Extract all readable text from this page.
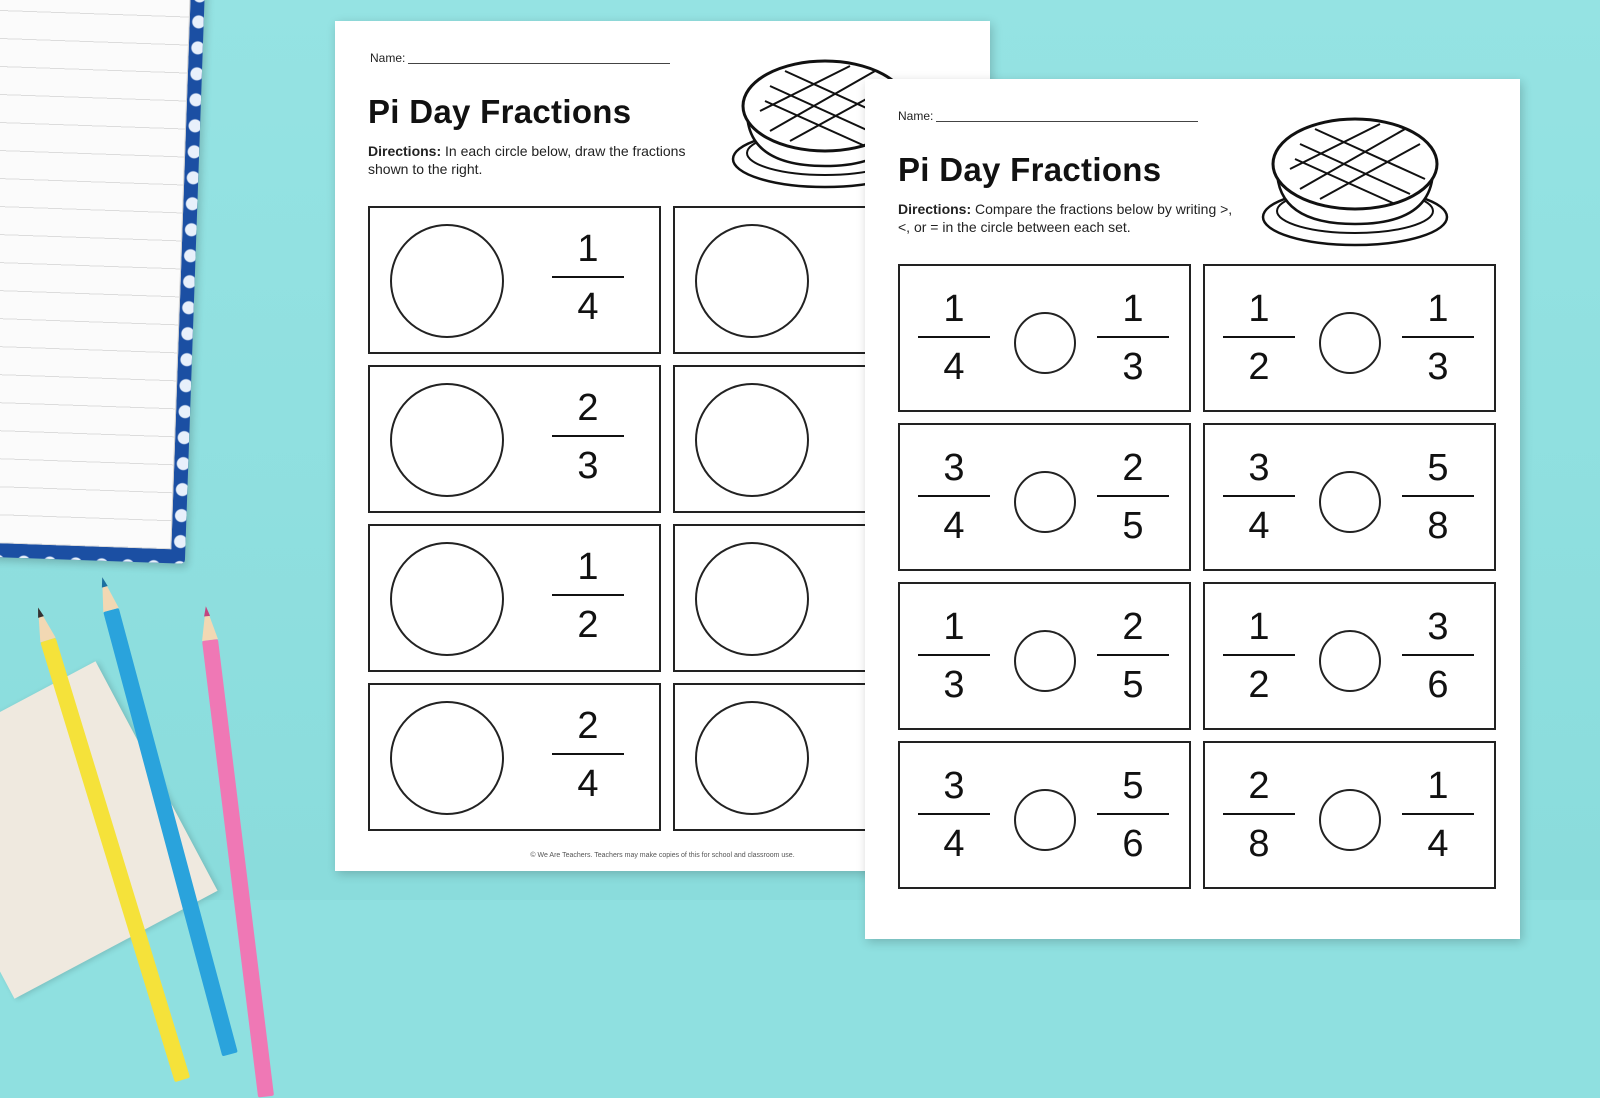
Name:
Pi Day Fractions
Directions: In each circle below, draw the fractions shown to the right.
1
4
2
3
1
2
2
4
© We Are Teachers. Teachers may make copies of this for school and classroom use.
Name:
Pi Day Fractions
Directions: Compare the fractions below by writing >, <, or = in the circle between each set.
1
4
1
3
1
2
1
3
3
4
2
5
3
4
5
8
1
3
2
5
1
2
3
6
3
4
5
6
2
8
1
4
